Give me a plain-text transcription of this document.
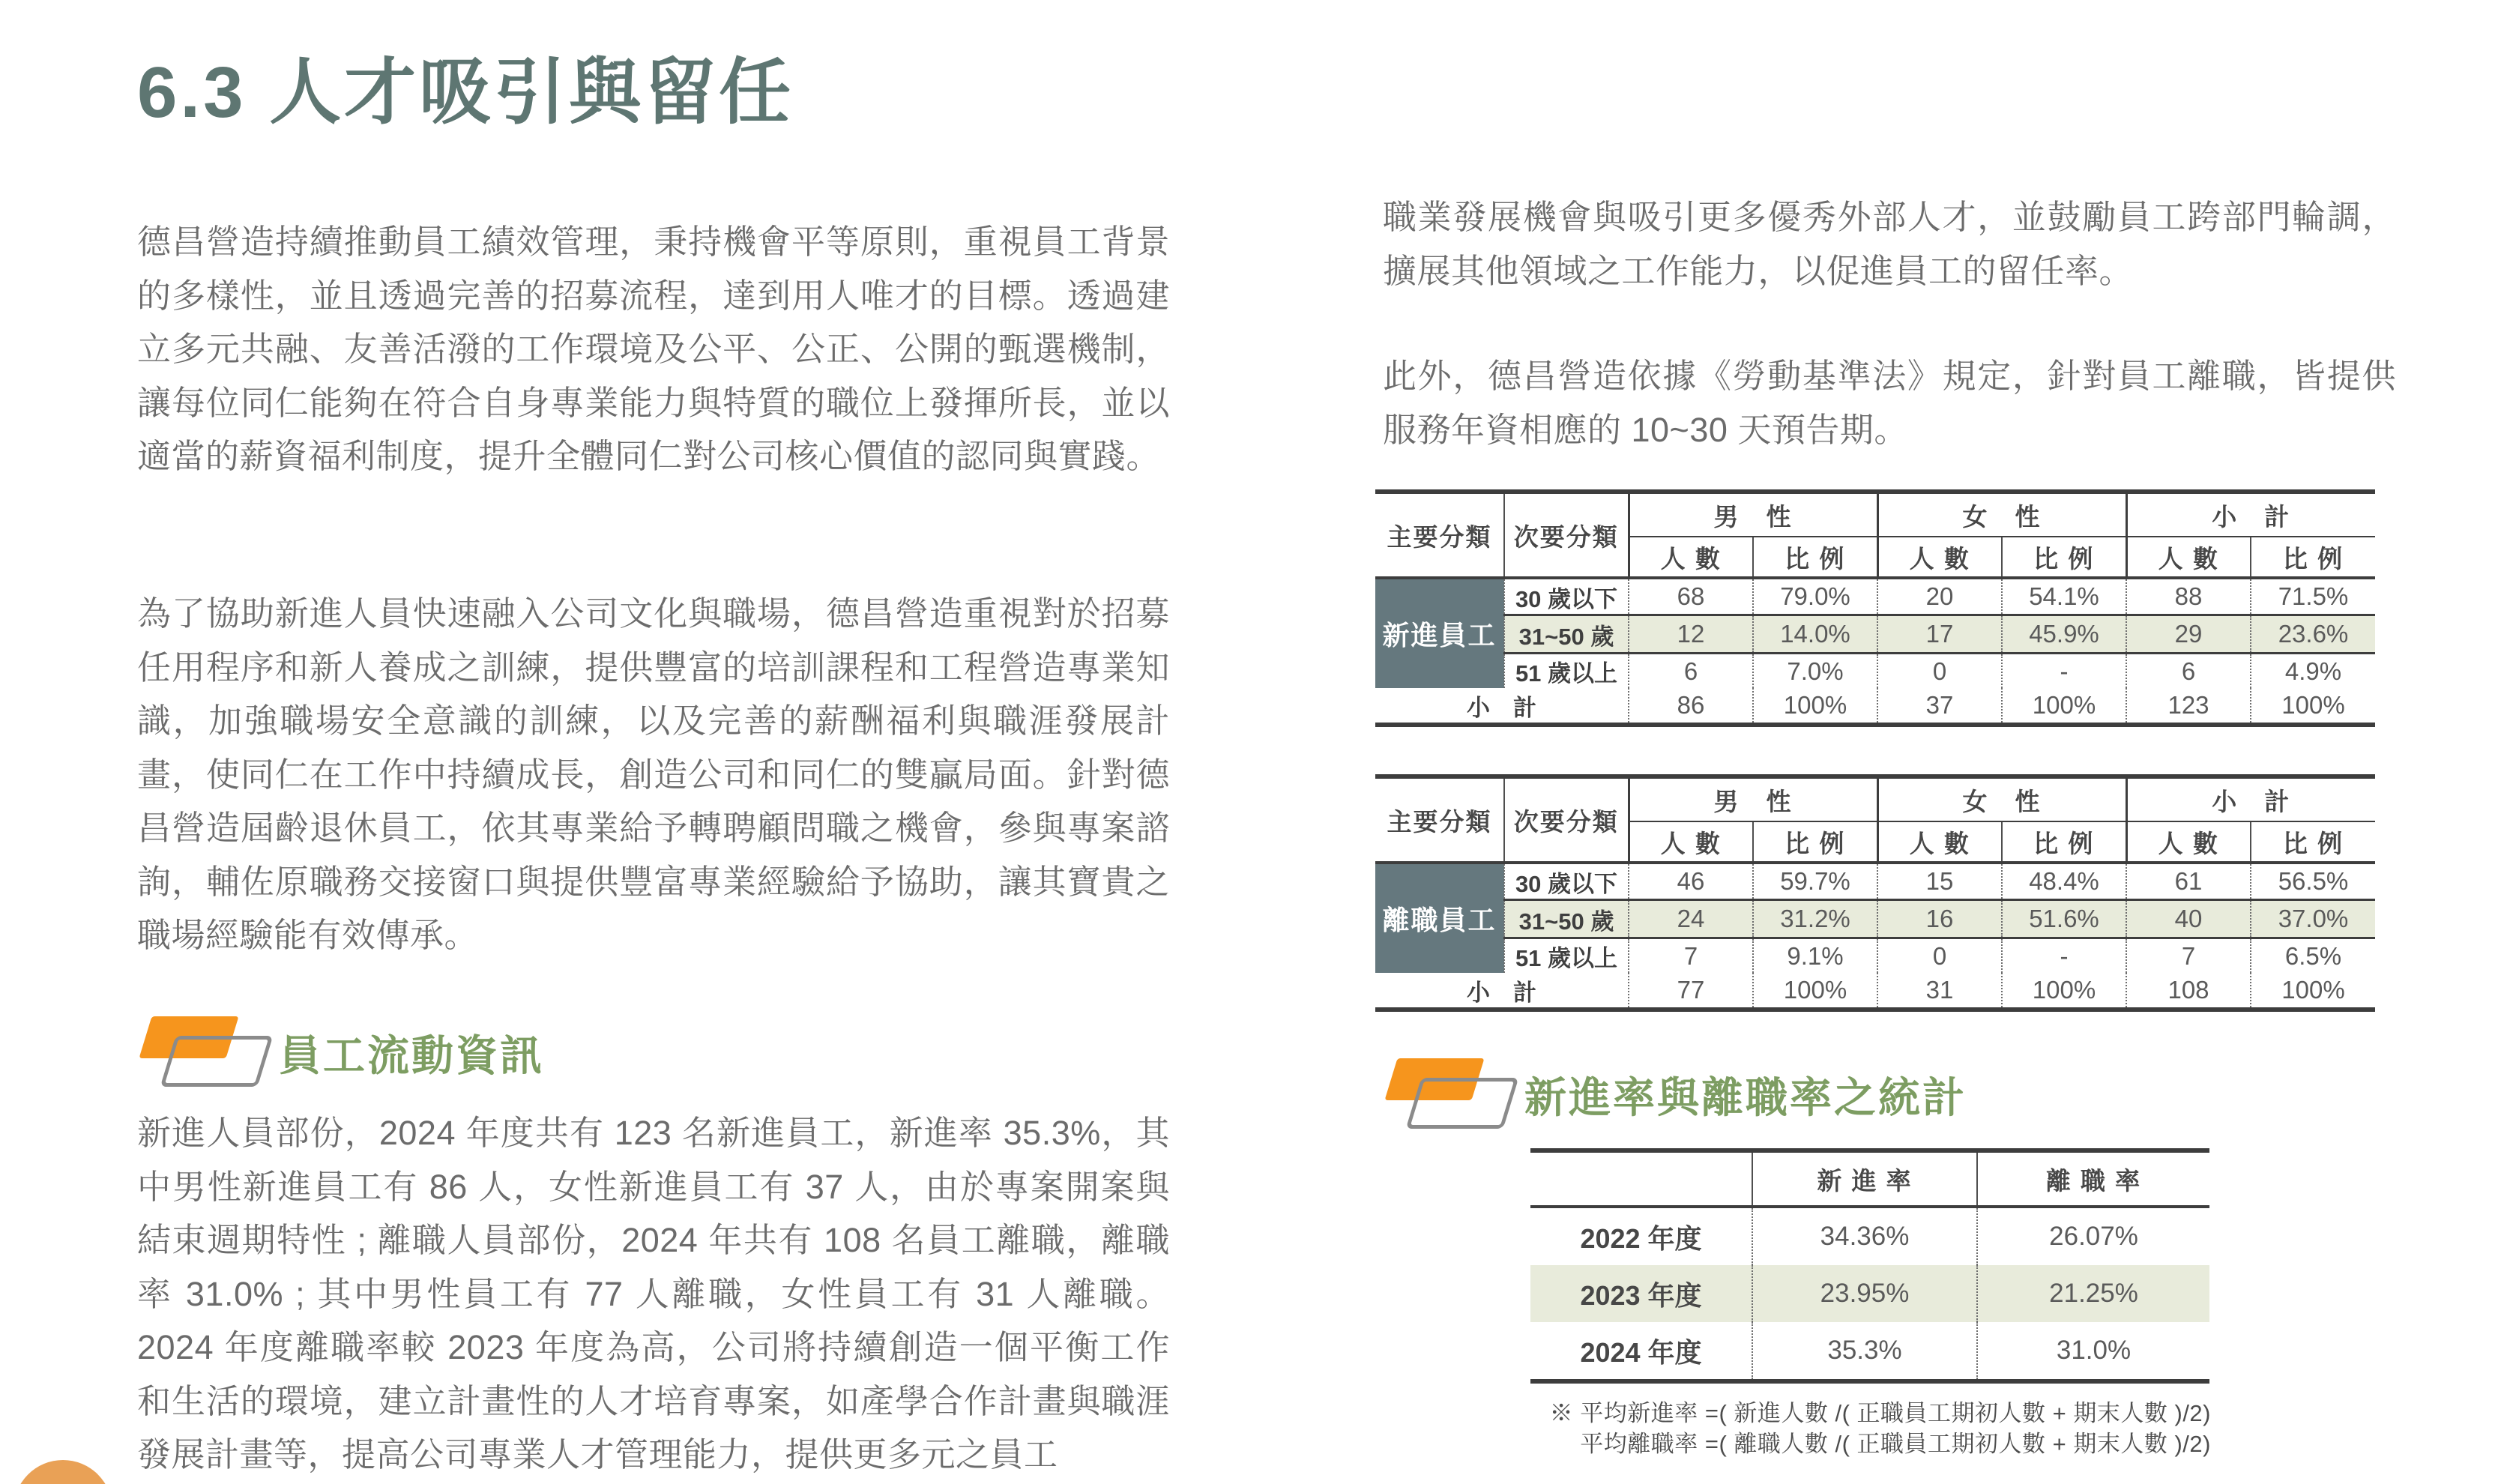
6.3 人才吸引與留任

德昌營造持續推動員工績效管理，秉持機會平等原則，重視員工背景的多樣性，並且透過完善的招募流程，達到用人唯才的目標。透過建立多元共融、友善活潑的工作環境及公平、公正、公開的甄選機制，讓每位同仁能夠在符合自身專業能力與特質的職位上發揮所長，並以適當的薪資福利制度，提升全體同仁對公司核心價值的認同與實踐。

為了協助新進人員快速融入公司文化與職場，德昌營造重視對於招募任用程序和新人養成之訓練，提供豐富的培訓課程和工程營造專業知識，加強職場安全意識的訓練，以及完善的薪酬福利與職涯發展計畫，使同仁在工作中持續成長，創造公司和同仁的雙贏局面。針對德昌營造屆齡退休員工，依其專業給予轉聘顧問職之機會，參與專案諮詢，輔佐原職務交接窗口與提供豐富專業經驗給予協助，讓其寶貴之職場經驗能有效傳承。

員工流動資訊

新進人員部份，2024 年度共有 123 名新進員工，新進率 35.3%，其中男性新進員工有 86 人，女性新進員工有 37 人，由於專案開案與結束週期特性 ; 離職人員部份，2024 年共有 108 名員工離職，離職率 31.0% ; 其中男性員工有 77 人離職，女性員工有 31 人離職。2024 年度離職率較 2023 年度為高，公司將持續創造一個平衡工作和生活的環境，建立計畫性的人才培育專案，如產學合作計畫與職涯發展計畫等，提高公司專業人才管理能力，提供更多元之員工

職業發展機會與吸引更多優秀外部人才，並鼓勵員工跨部門輪調，擴展其他領域之工作能力，以促進員工的留任率。

此外，德昌營造依據《勞動基準法》規定，針對員工離職，皆提供服務年資相應的 10~30 天預告期。

主要分類	次要分類	男　性		女　性		小　計	
		人 數	比 例	人 數	比 例	人 數	比 例
新進員工	30 歲以下	68	79.0%	20	54.1%	88	71.5%
	31~50 歲	12	14.0%	17	45.9%	29	23.6%
	51 歲以上	6	7.0%	0	-	6	4.9%
小　計		86	100%	37	100%	123	100%
主要分類	次要分類	男　性		女　性		小　計	
		人 數	比 例	人 數	比 例	人 數	比 例
離職員工	30 歲以下	46	59.7%	15	48.4%	61	56.5%
	31~50 歲	24	31.2%	16	51.6%	40	37.0%
	51 歲以上	7	9.1%	0	-	7	6.5%
小　計		77	100%	31	100%	108	100%
新進率與離職率之統計
	新 進 率	離 職 率
2022 年度	34.36%	26.07%
2023 年度	23.95%	21.25%
2024 年度	35.3%	31.0%

※ 平均新進率 =( 新進人數 /( 正職員工期初人數 + 期末人數 )/2)

平均離職率 =( 離職人數 /( 正職員工期初人數 + 期末人數 )/2)
